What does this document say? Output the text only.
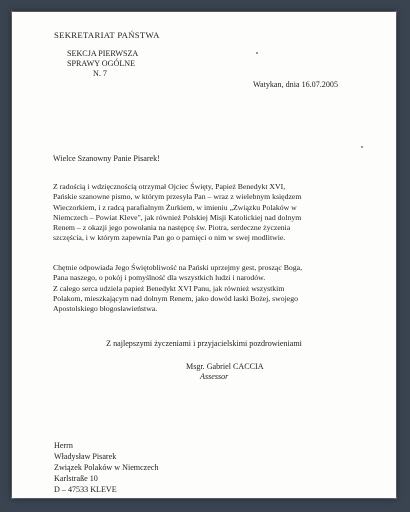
SEKRETARIAT PAŃSTWA
SEKCJA PIERWSZA
SPRAWY OGÓLNE
N. 7
Watykan, dnia 16.07.2005
Wielce Szanowny Panie Pisarek!
Z radością i wdzięcznością otrzymał Ojciec Święty, Papież Benedykt XVI,
Pańskie szanowne pismo, w którym przesyła Pan – wraz z wielebnym księdzem
Wieczorkiem, i z radcą parafialnym Żurkiem, w imieniu „Związku Polaków w
Niemczech – Powiat Kleve", jak również Polskiej Misji Katolickiej nad dolnym
Renem – z okazji jego powołania na następcę św. Piotra, serdeczne życzenia
szczęścia, i w którym zapewnia Pan go o pamięci o nim w swej modlitwie.
Chętnie odpowiada Jego Świętobliwość na Pański uprzejmy gest, prosząc Boga,
Pana naszego, o pokój i pomyślność dla wszystkich ludzi i narodów.
Z całego serca udziela papież Benedykt XVI Panu, jak również wszystkim
Polakom, mieszkającym nad dolnym Renem, jako dowód łaski Bożej, swojego
Apostolskiego błogosławieństwa.
Z najlepszymi życzeniami i przyjacielskimi pozdrowieniami
Msgr. Gabriel CACCIA
Assessor
Herrn
Władysław Pisarek
Związek Polaków w Niemczech
Karlstraße 10
D – 47533 KLEVE
